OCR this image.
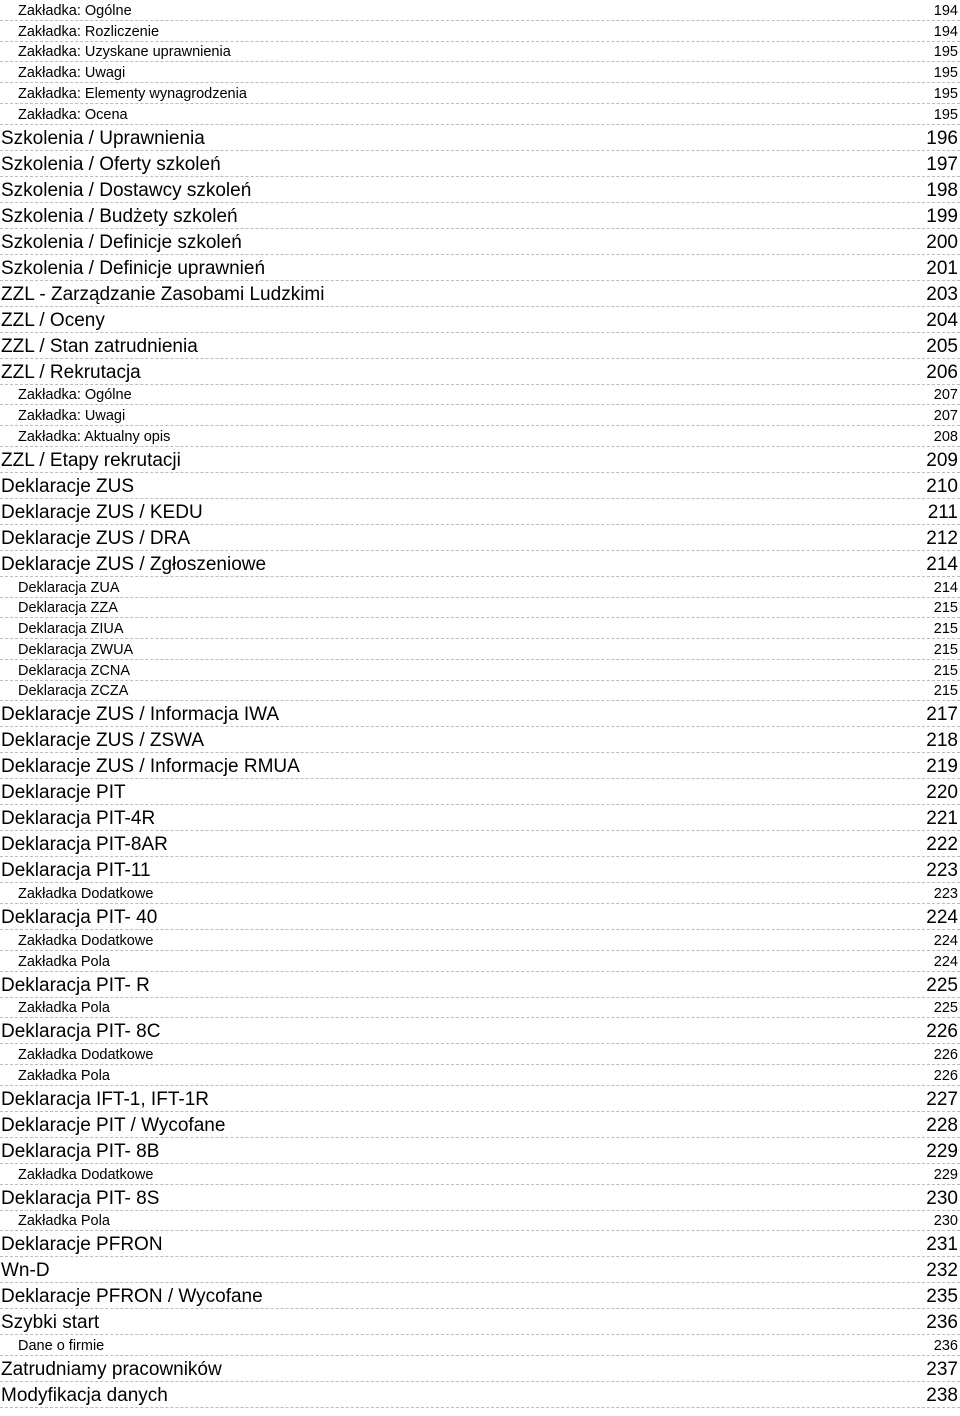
Zakładka: Ogólne	194
Zakładka: Rozliczenie	194
Zakładka: Uzyskane uprawnienia	195
Zakładka: Uwagi	195
Zakładka: Elementy wynagrodzenia	195
Zakładka: Ocena	195
Szkolenia / Uprawnienia	196
Szkolenia / Oferty szkoleń	197
Szkolenia / Dostawcy szkoleń	198
Szkolenia / Budżety szkoleń	199
Szkolenia / Definicje szkoleń	200
Szkolenia / Definicje uprawnień	201
ZZL - Zarządzanie Zasobami Ludzkimi	203
ZZL / Oceny	204
ZZL / Stan zatrudnienia	205
ZZL / Rekrutacja	206
Zakładka: Ogólne	207
Zakładka: Uwagi	207
Zakładka: Aktualny opis	208
ZZL / Etapy rekrutacji	209
Deklaracje ZUS	210
Deklaracje ZUS / KEDU	211
Deklaracje ZUS / DRA	212
Deklaracje ZUS / Zgłoszeniowe	214
Deklaracja ZUA	214
Deklaracja ZZA	215
Deklaracja ZIUA	215
Deklaracja ZWUA	215
Deklaracja ZCNA	215
Deklaracja ZCZA	215
Deklaracje ZUS / Informacja IWA	217
Deklaracje ZUS / ZSWA	218
Deklaracje ZUS / Informacje RMUA	219
Deklaracje PIT	220
Deklaracja PIT-4R	221
Deklaracja PIT-8AR	222
Deklaracja PIT-11	223
Zakładka Dodatkowe	223
Deklaracja PIT- 40	224
Zakładka Dodatkowe	224
Zakładka Pola	224
Deklaracja PIT- R	225
Zakładka Pola	225
Deklaracja PIT- 8C	226
Zakładka Dodatkowe	226
Zakładka Pola	226
Deklaracja IFT-1, IFT-1R	227
Deklaracje PIT / Wycofane	228
Deklaracja PIT- 8B	229
Zakładka Dodatkowe	229
Deklaracja PIT- 8S	230
Zakładka Pola	230
Deklaracje PFRON	231
Wn-D	232
Deklaracje PFRON / Wycofane	235
Szybki start	236
Dane o firmie	236
Zatrudniamy pracowników	237
Modyfikacja danych	238
